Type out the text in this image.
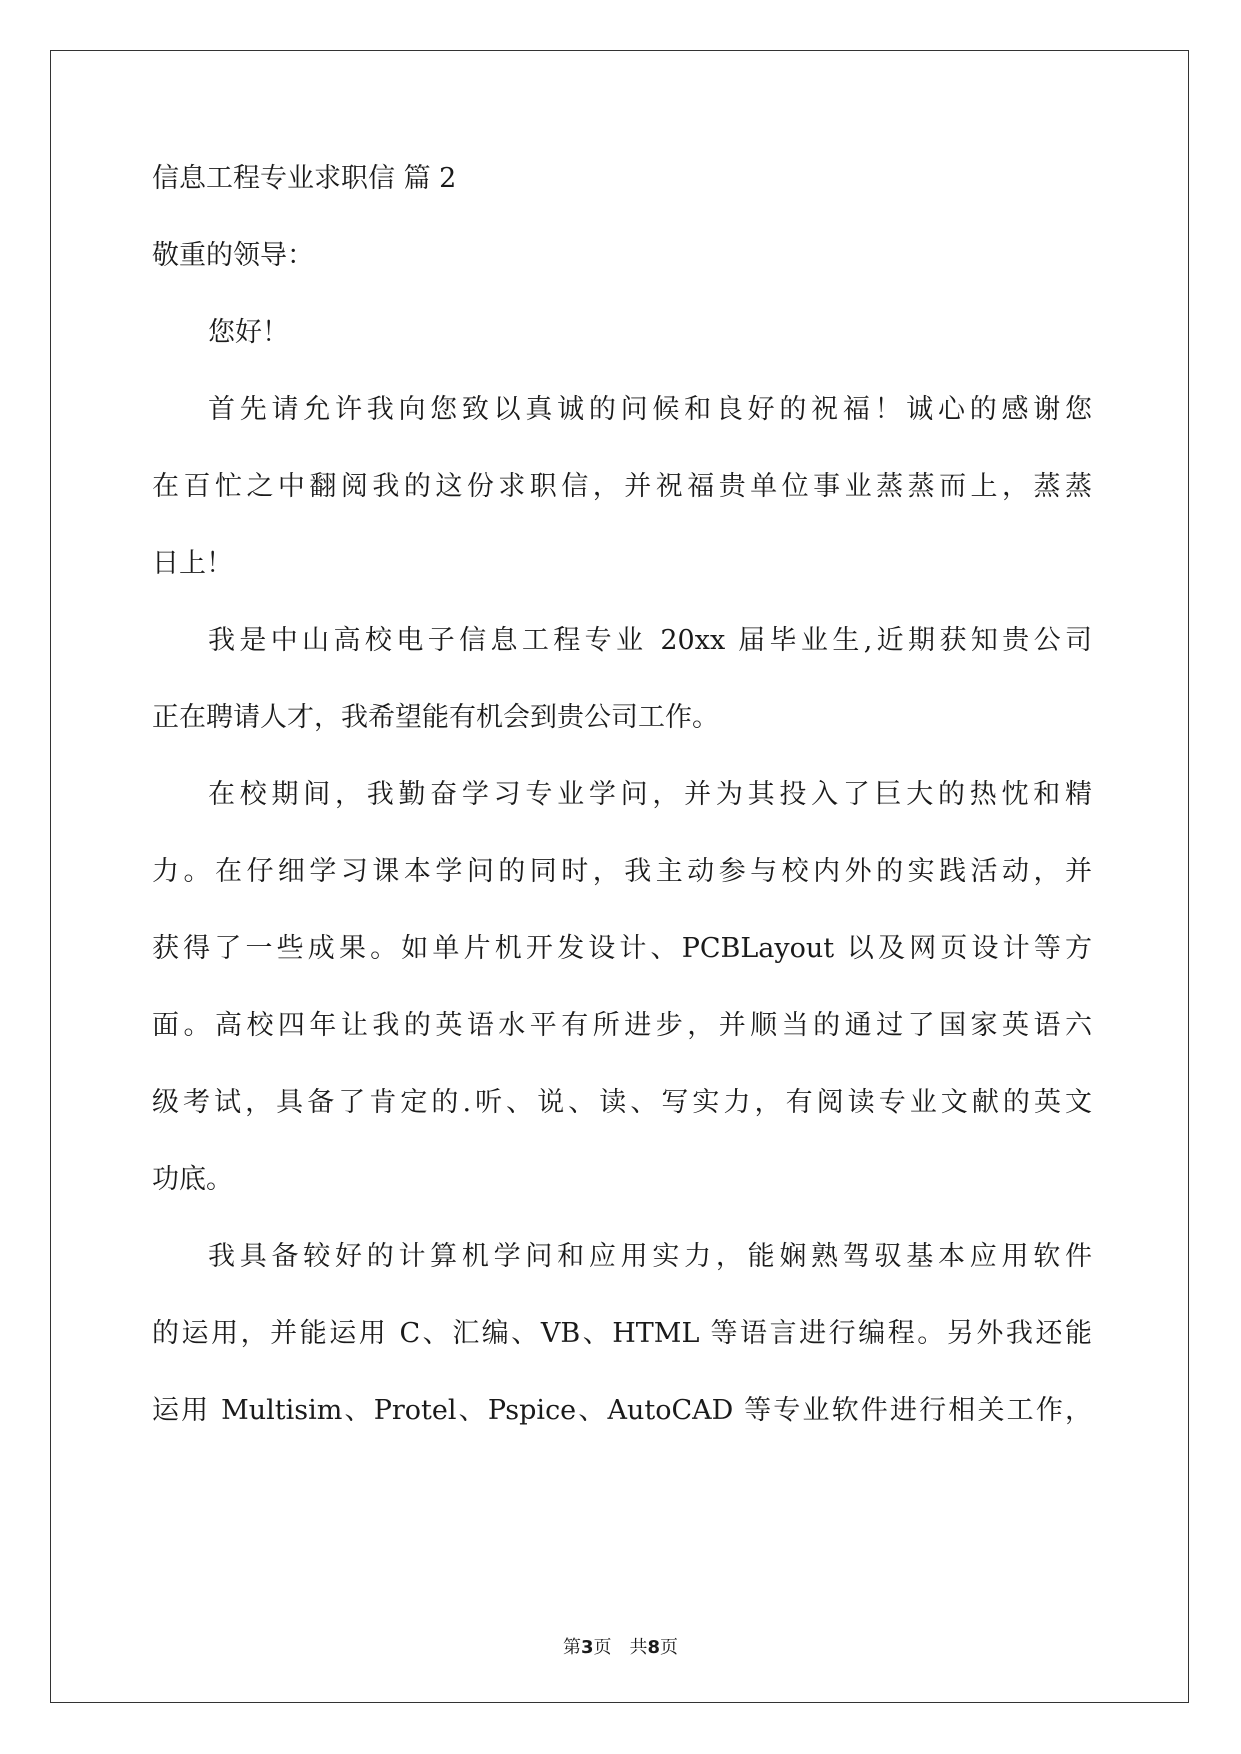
信息工程专业求职信 篇 2
敬重的领导：
您好！
首先请允许我向您致以真诚的问候和良好的祝福！诚心的感谢您
在百忙之中翻阅我的这份求职信，并祝福贵单位事业蒸蒸而上，蒸蒸
日上！
我是中山高校电子信息工程专业 20xx 届毕业生,近期获知贵公司
正在聘请人才，我希望能有机会到贵公司工作。
在校期间，我勤奋学习专业学问，并为其投入了巨大的热忱和精
力。在仔细学习课本学问的同时，我主动参与校内外的实践活动，并
获得了一些成果。如单片机开发设计、PCBLayout 以及网页设计等方
面。高校四年让我的英语水平有所进步，并顺当的通过了国家英语六
级考试，具备了肯定的.听、说、读、写实力，有阅读专业文献的英文
功底。
我具备较好的计算机学问和应用实力，能娴熟驾驭基本应用软件
的运用，并能运用 C、汇编、VB、HTML 等语言进行编程。另外我还能
运用 Multisim、Protel、Pspice、AutoCAD 等专业软件进行相关工作，
第3页 共8页
